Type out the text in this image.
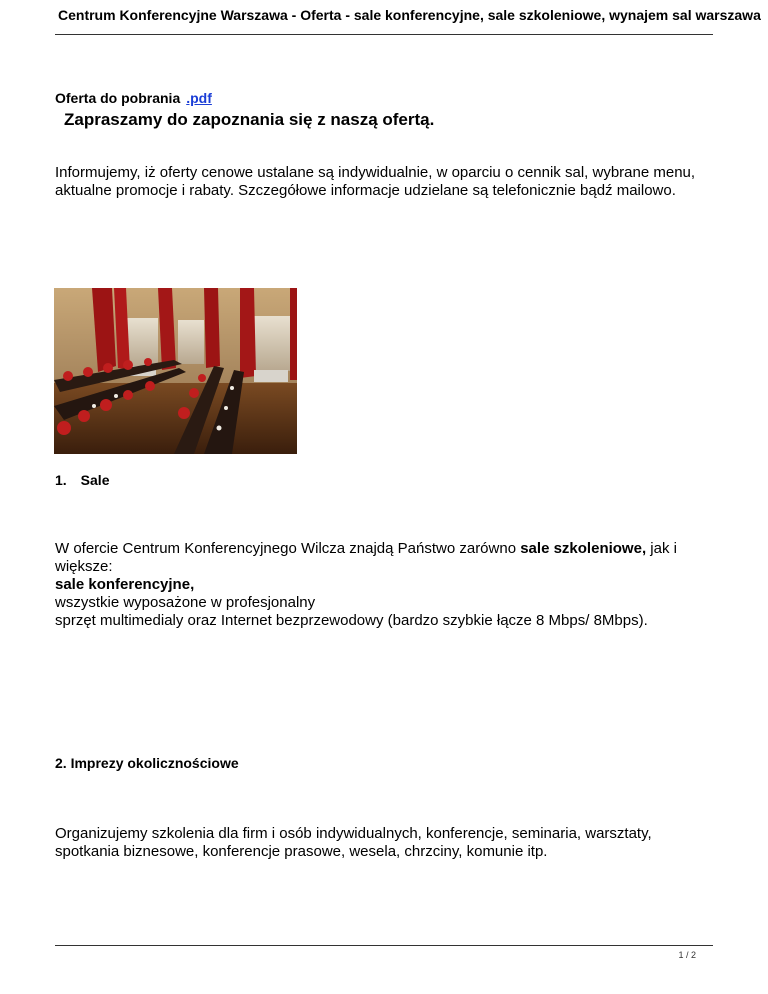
Centrum Konferencyjne Warszawa - Oferta - sale konferencyjne, sale szkoleniowe, wynajem sal warszawa
Oferta do pobrania .pdf
Zapraszamy do zapoznania się z naszą ofertą.
Informujemy, iż oferty cenowe ustalane są indywidualnie, w oparciu o cennik sal, wybrane menu, aktualne promocje i rabaty. Szczegółowe informacje udzielane są telefonicznie bądź mailowo.
1. Sale
W ofercie Centrum Konferencyjnego Wilcza znajdą Państwo zarówno sale szkoleniowe, jak i większe:
sale konferencyjne,
wszystkie wyposażone w profesjonalny
sprzęt multimedialy oraz Internet bezprzewodowy (bardzo szybkie łącze 8 Mbps/ 8Mbps).
2. Imprezy okolicznościowe
Organizujemy szkolenia dla firm i osób indywidualnych, konferencje, seminaria, warsztaty, spotkania biznesowe, konferencje prasowe, wesela, chrzciny, komunie itp.
1 / 2
